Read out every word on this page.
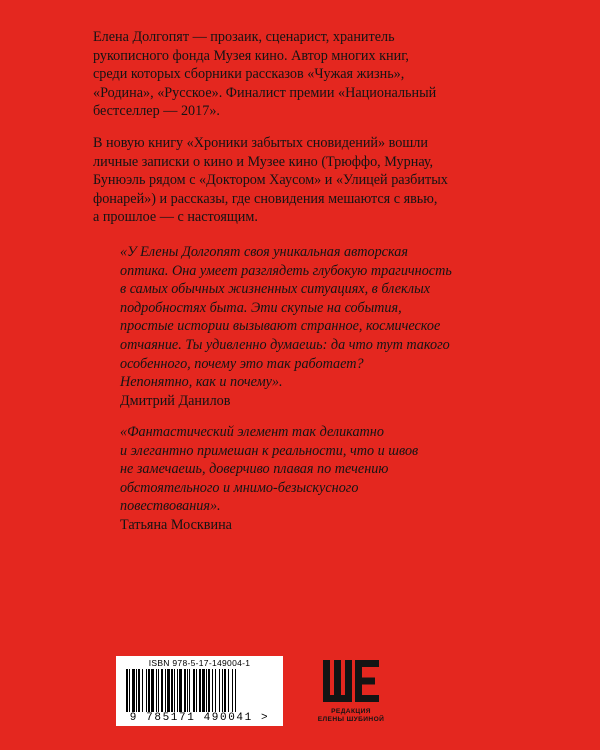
Елена Долгопят — прозаик, сценарист, хранитель
рукописного фонда Музея кино. Автор многих книг,
среди которых сборники рассказов «Чужая жизнь»,
«Родина», «Русское». Финалист премии «Национальный
бестселлер — 2017».
В новую книгу «Хроники забытых сновидений» вошли
личные записки о кино и Музее кино (Трюффо, Мурнау,
Бунюэль рядом с «Доктором Хаусом» и «Улицей разбитых
фонарей») и рассказы, где сновидения мешаются с явью,
а прошлое — с настоящим.

«У Елены Долгопят своя уникальная авторская

оптика. Она умеет разглядеть глубокую трагичность

в самых обычных жизненных ситуациях, в блеклых

подробностях быта. Эти скупые на события,

простые истории вызывают странное, космическое

отчаяние. Ты удивленно думаешь: да что тут такого

особенного, почему это так работает?

Непонятно, как и почему».

Дмитрий Данилов

«Фантастический элемент так деликатно

и элегантно примешан к реальности, что и швов

не замечаешь, доверчиво плавая по течению

обстоятельного и мнимо-безыскусного

повествования».

Татьяна Москвина
ISBN 978-5-17-149004-1
9 785171 490041 >
РЕДАКЦИЯ
ЕЛЕНЫ ШУБИНОЙ
